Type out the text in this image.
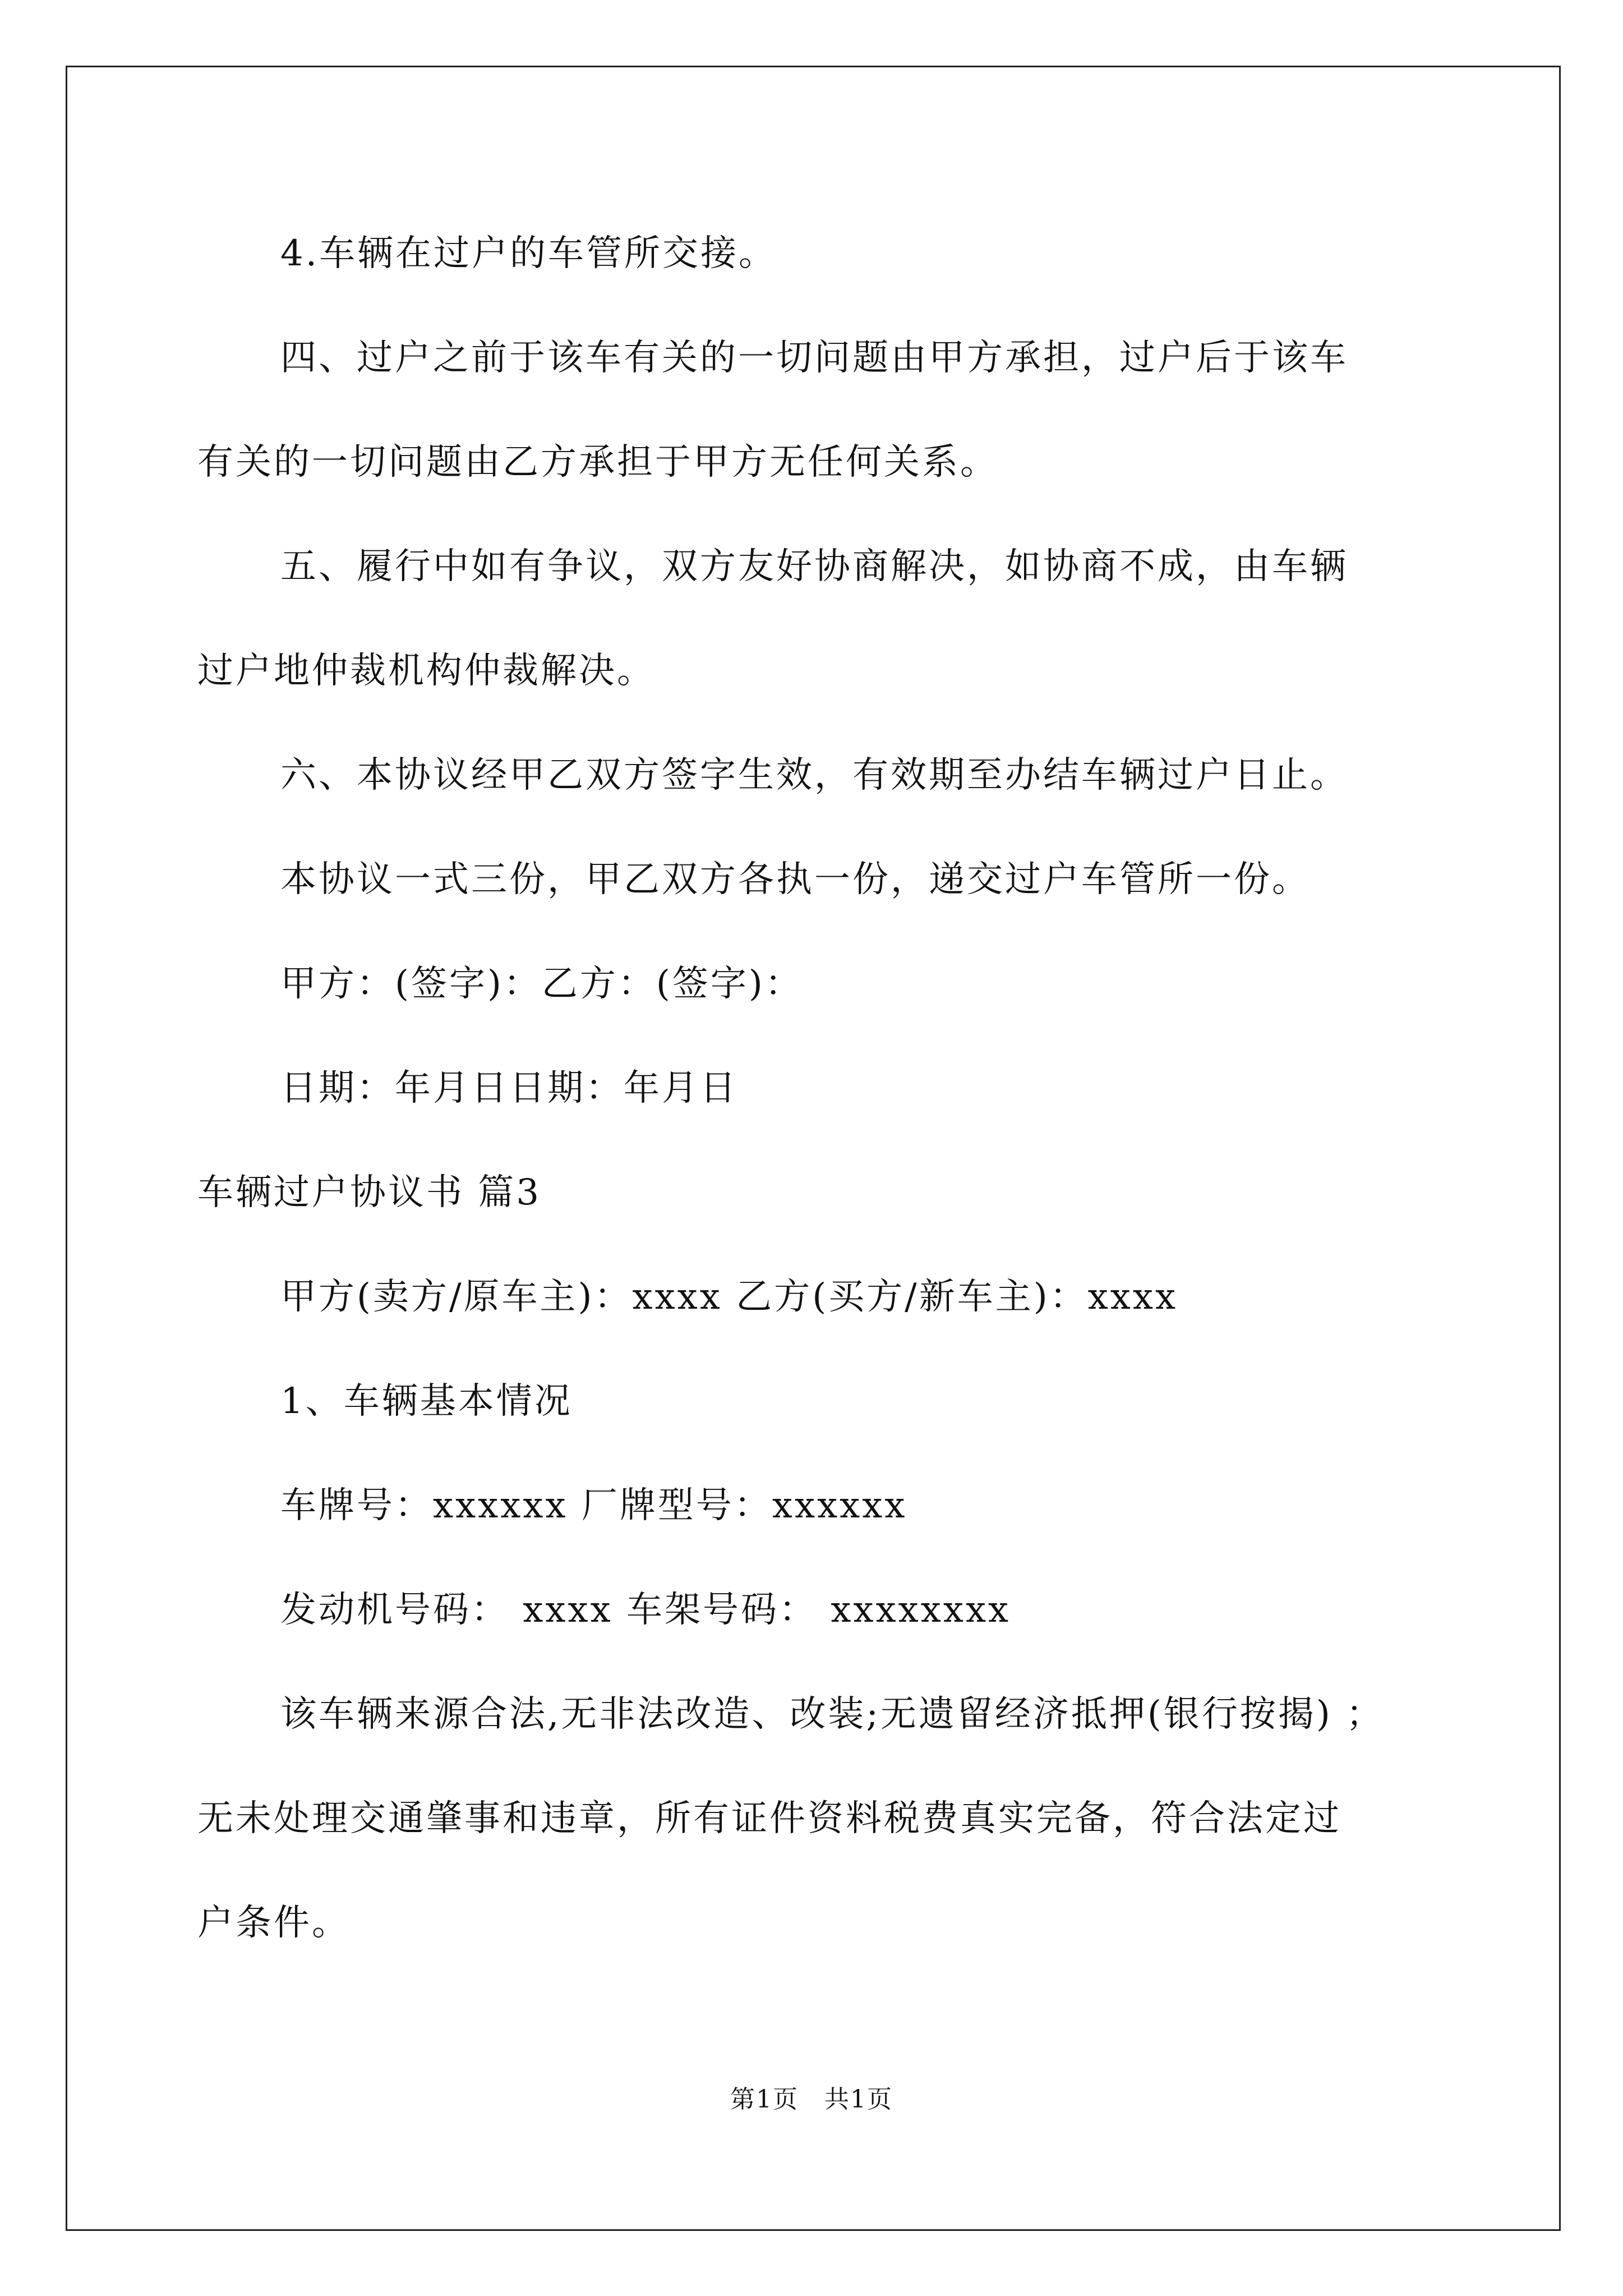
4.车辆在过户的车管所交接。
四、过户之前于该车有关的一切问题由甲方承担，过户后于该车
有关的一切问题由乙方承担于甲方无任何关系。
五、履行中如有争议，双方友好协商解决，如协商不成，由车辆
过户地仲裁机构仲裁解决。
六、本协议经甲乙双方签字生效，有效期至办结车辆过户日止。
本协议一式三份，甲乙双方各执一份，递交过户车管所一份。
甲方：(签字)：乙方：(签字)：
日期：年月日日期：年月日
车辆过户协议书 篇3
甲方(卖方/原车主)：xxxx 乙方(买方/新车主)：xxxx
1、车辆基本情况
车牌号：xxxxxx 厂牌型号：xxxxxx
发动机号码： xxxx 车架号码： xxxxxxxx
该车辆来源合法,无非法改造、改装;无遗留经济抵押(银行按揭) ；
无未处理交通肇事和违章，所有证件资料税费真实完备，符合法定过
户条件。
第1页　共1页
